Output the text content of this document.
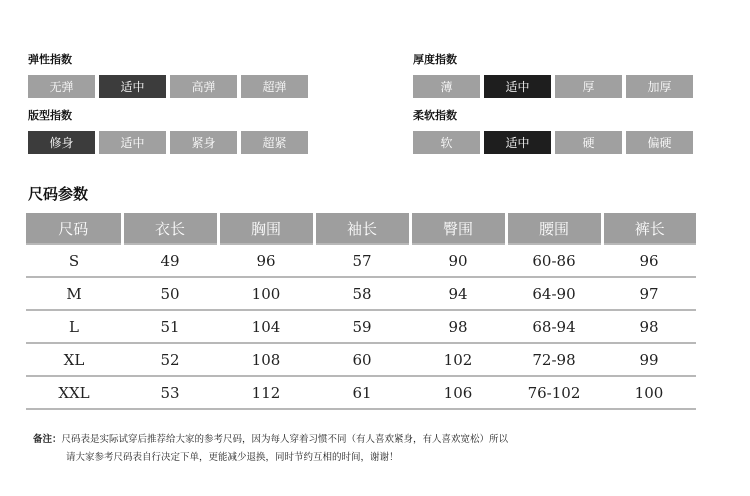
弹性指数
无弹	适中	高弹	超弹
厚度指数
薄	适中	厚	加厚
版型指数
修身	适中	紧身	超紧
柔软指数
软	适中	硬	偏硬
尺码参数
尺码	衣长	胸围	袖长	臀围	腰围	裤长
S	49	96	57	90	60-86	96
M	50	100	58	94	64-90	97
L	51	104	59	98	68-94	98
XL	52	108	60	102	72-98	99
XXL	53	112	61	106	76-102	100
备注：尺码表是实际试穿后推荐给大家的参考尺码，因为每人穿着习惯不同（有人喜欢紧身，有人喜欢宽松）所以
请大家参考尺码表自行决定下单，更能减少退换，同时节约互相的时间，谢谢！
